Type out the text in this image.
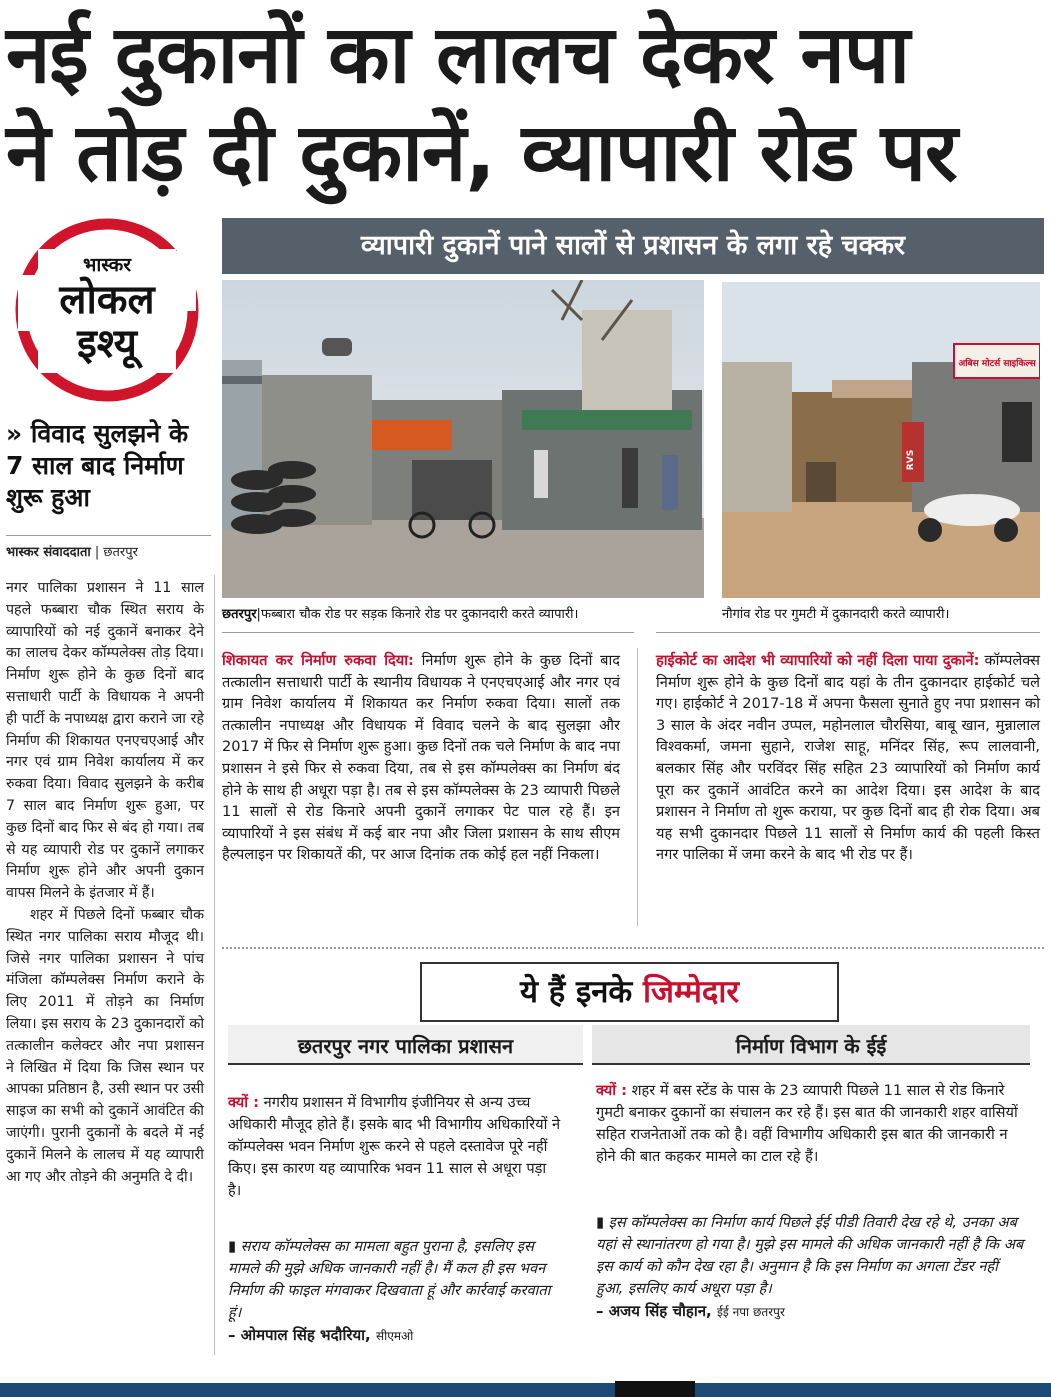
नई दुकानों का लालच देकर नपा
ने तोड़ दी दुकानें, व्यापारी रोड पर
भास्कर
लोकल
इश्यू
व्यापारी दुकानें पाने सालों से प्रशासन के लगा रहे चक्कर
» विवाद सुलझने के 7 साल बाद निर्माण शुरू हुआ
भास्कर संवाददाता | छतरपुर

नगर पालिका प्रशासन ने 11 साल पहले फब्बारा चौक स्थित सराय के व्यापारियों को नई दुकानें बनाकर देने का लालच देकर कॉम्पलेक्स तोड़ दिया। निर्माण शुरू होने के कुछ दिनों बाद सत्ताधारी पार्टी के विधायक ने अपनी ही पार्टी के नपाध्यक्ष द्वारा कराने जा रहे निर्माण की शिकायत एनएचएआई और नगर एवं ग्राम निवेश कार्यालय में कर रुकवा दिया। विवाद सुलझने के करीब 7 साल बाद निर्माण शुरू हुआ, पर कुछ दिनों बाद फिर से बंद हो गया। तब से यह व्यापारी रोड पर दुकानें लगाकर निर्माण शुरू होने और अपनी दुकान वापस मिलने के इंतजार में हैं।

शहर में पिछले दिनों फब्बार चौक स्थित नगर पालिका सराय मौजूद थी। जिसे नगर पालिका प्रशासन ने पांच मंजिला कॉम्पलेक्स निर्माण कराने के लिए 2011 में तोड़ने का निर्माण लिया। इस सराय के 23 दुकानदारों को तत्कालीन कलेक्टर और नपा प्रशासन ने लिखित में दिया कि जिस स्थान पर आपका प्रतिष्ठान है, उसी स्थान पर उसी साइज का सभी को दुकानें आवंटित की जाएंगी। पुरानी दुकानों के बदले में नई दुकानें मिलने के लालच में यह व्यापारी आ गए और तोड़ने की अनुमति दे दी।

अबिस मोटर्स साइकिल्स
RVS
छतरपुर|फब्बारा चौक रोड पर सड़क किनारे रोड पर दुकानदारी करते व्यापारी।	नौगांव रोड पर गुमटी में दुकानदारी करते व्यापारी।
शिकायत कर निर्माण रुकवा दिया: निर्माण शुरू होने के कुछ दिनों बाद तत्कालीन सत्ताधारी पार्टी के स्थानीय विधायक ने एनएचएआई और नगर एवं ग्राम निवेश कार्यालय में शिकायत कर निर्माण रुकवा दिया। सालों तक तत्कालीन नपाध्यक्ष और विधायक में विवाद चलने के बाद सुलझा और 2017 में फिर से निर्माण शुरू हुआ। कुछ दिनों तक चले निर्माण के बाद नपा प्रशासन ने इसे फिर से रुकवा दिया, तब से इस कॉम्पलेक्स का निर्माण बंद होने के साथ ही अधूरा पड़ा है। तब से इस कॉम्पलेक्स के 23 व्यापारी पिछले 11 सालों से रोड किनारे अपनी दुकानें लगाकर पेट पाल रहे हैं। इन व्यापारियों ने इस संबंध में कई बार नपा और जिला प्रशासन के साथ सीएम हैल्पलाइन पर शिकायतें की, पर आज दिनांक तक कोई हल नहीं निकला।
हाईकोर्ट का आदेश भी व्यापारियों को नहीं दिला पाया दुकानें: कॉम्पलेक्स निर्माण शुरू होने के कुछ दिनों बाद यहां के तीन दुकानदार हाईकोर्ट चले गए। हाईकोर्ट ने 2017-18 में अपना फैसला सुनाते हुए नपा प्रशासन को 3 साल के अंदर नवीन उप्पल, महोनलाल चौरसिया, बाबू खान, मुन्नालाल विश्वकर्मा, जमना सुहाने, राजेश साहू, मनिंदर सिंह, रूप लालवानी, बलकार सिंह और परविंदर सिंह सहित 23 व्यापारियों को निर्माण कार्य पूरा कर दुकानें आवंटित करने का आदेश दिया। इस आदेश के बाद प्रशासन ने निर्माण तो शुरू कराया, पर कुछ दिनों बाद ही रोक दिया। अब यह सभी दुकानदार पिछले 11 सालों से निर्माण कार्य की पहली किस्त नगर पालिका में जमा करने के बाद भी रोड पर हैं।
ये हैं इनके जिम्मेदार
छतरपुर नगर पालिका प्रशासन	निर्माण विभाग के ईई
क्यों : नगरीय प्रशासन में विभागीय इंजीनियर से अन्य उच्च अधिकारी मौजूद होते हैं। इसके बाद भी विभागीय अधिकारियों ने कॉम्पलेक्स भवन निर्माण शुरू करने से पहले दस्तावेज पूरे नहीं किए। इस कारण यह व्यापारिक भवन 11 साल से अधूरा पड़ा है।
▮ सराय कॉम्पलेक्स का मामला बहुत पुराना है, इसलिए इस मामले की मुझे अधिक जानकारी नहीं है। मैं कल ही इस भवन निर्माण की फाइल मंगवाकर दिखवाता हूं और कार्रवाई करवाता हूं।
– ओमपाल सिंह भदौरिया, सीएमओ
क्यों : शहर में बस स्टेंड के पास के 23 व्यापारी पिछले 11 साल से रोड किनारे गुमटी बनाकर दुकानों का संचालन कर रहे हैं। इस बात की जानकारी शहर वासियों सहित राजनेताओं तक को है। वहीं विभागीय अधिकारी इस बात की जानकारी न होने की बात कहकर मामले का टाल रहे हैं।
▮ इस कॉम्पलेक्स का निर्माण कार्य पिछले ईई पीडी तिवारी देख रहे थे, उनका अब यहां से स्थानांतरण हो गया है। मुझे इस मामले की अधिक जानकारी नहीं है कि अब इस कार्य को कौन देख रहा है। अनुमान है कि इस निर्माण का अगला टेंडर नहीं हुआ, इसलिए कार्य अधूरा पड़ा है।
– अजय सिंह चौहान, ईई नपा छतरपुर
